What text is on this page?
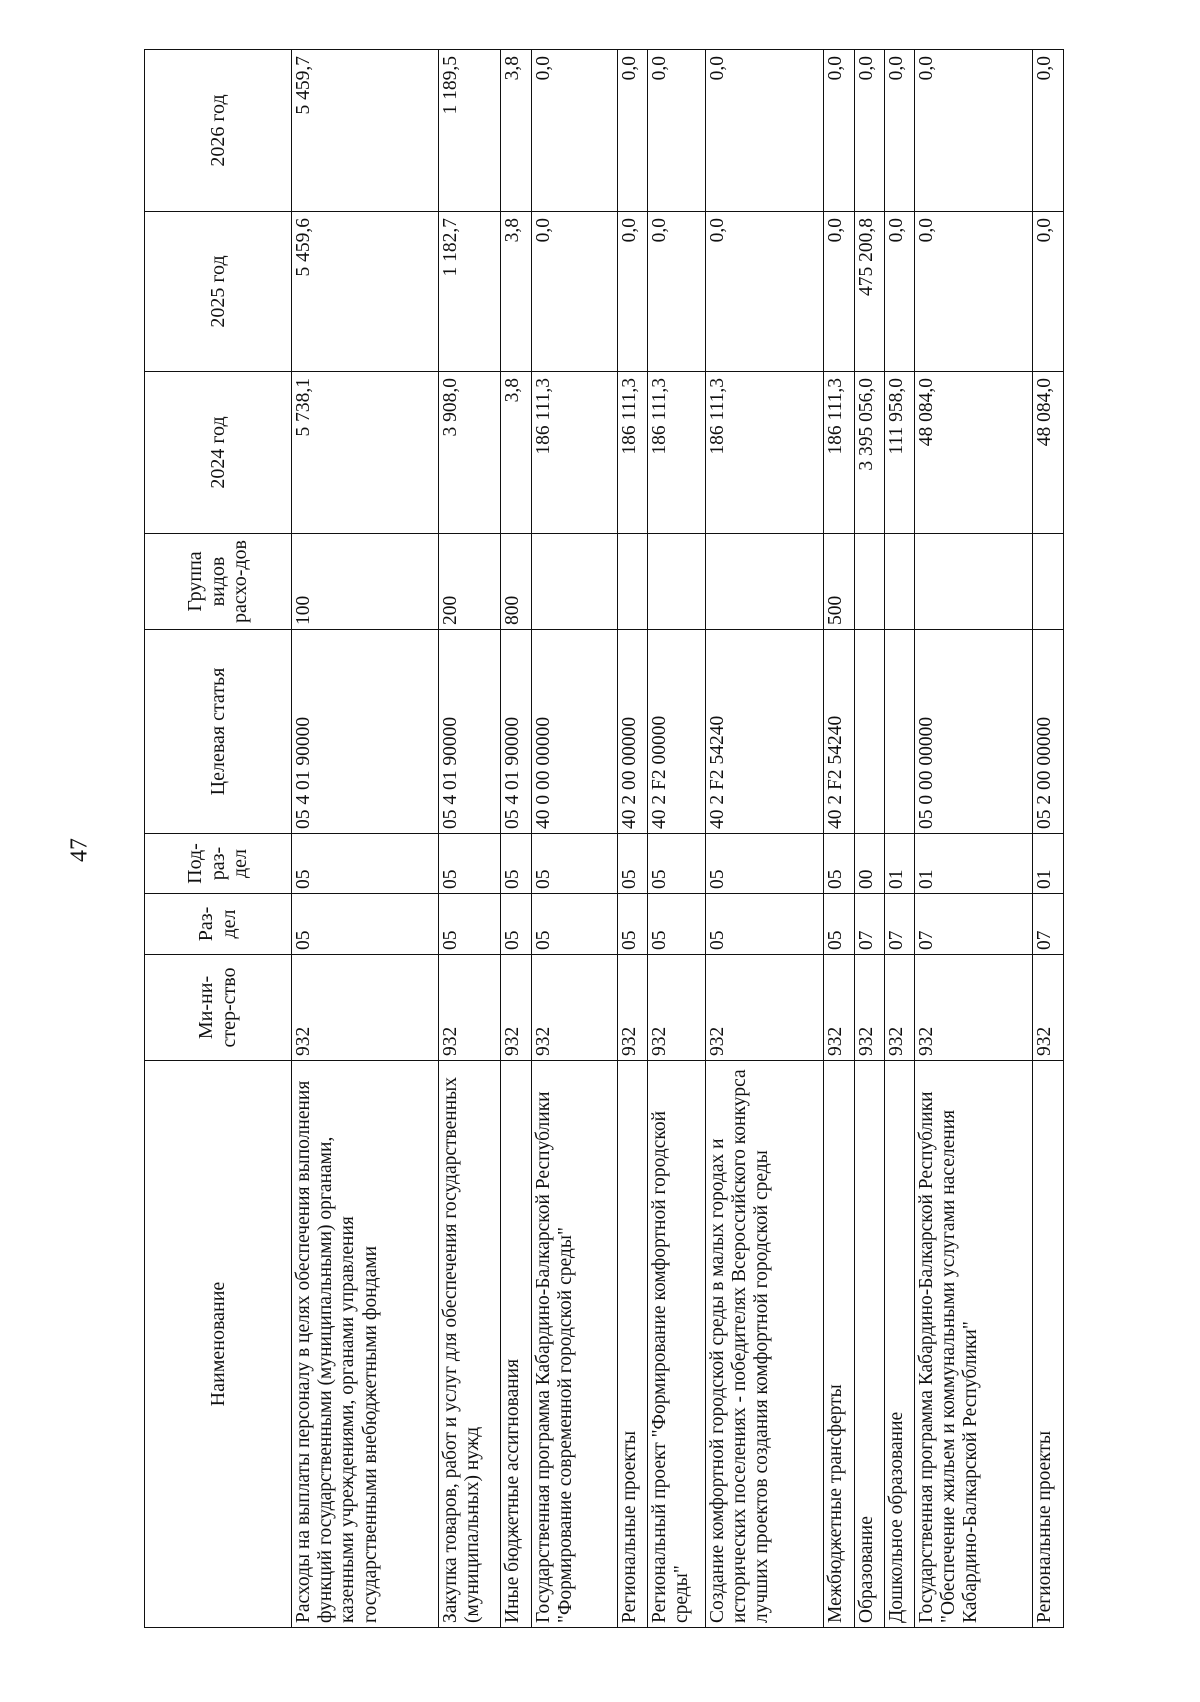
47
Наименование	Ми-ни-стер-ство	Раз-дел	Под-раз-дел	Целевая статья	Группа видов расхо-дов	2024 год	2025 год	2026 год
Расходы на выплаты персоналу в целях обеспечения выполнения функций государственными (муниципальными) органами, казенными учреждениями, органами управления государственными внебюджетными фондами	932	05	05	05 4 01 90000	100	5 738,1	5 459,6	5 459,7
Закупка товаров, работ и услуг для обеспечения государственных (муниципальных) нужд	932	05	05	05 4 01 90000	200	3 908,0	1 182,7	1 189,5
Иные бюджетные ассигнования	932	05	05	05 4 01 90000	800	3,8	3,8	3,8
Государственная программа Кабардино-Балкарской Республики "Формирование современной городской среды"	932	05	05	40 0 00 00000		186 111,3	0,0	0,0
Региональные проекты	932	05	05	40 2 00 00000		186 111,3	0,0	0,0
Региональный проект "Формирование комфортной городской среды"	932	05	05	40 2 F2 00000		186 111,3	0,0	0,0
Создание комфортной городской среды в малых городах и исторических поселениях - победителях Всероссийского конкурса лучших проектов создания комфортной городской среды	932	05	05	40 2 F2 54240		186 111,3	0,0	0,0
Межбюджетные трансферты	932	05	05	40 2 F2 54240	500	186 111,3	0,0	0,0
Образование	932	07	00			3 395 056,0	475 200,8	0,0
Дошкольное образование	932	07	01			111 958,0	0,0	0,0
Государственная программа Кабардино-Балкарской Республики "Обеспечение жильем и коммунальными услугами населения Кабардино-Балкарской Республики"	932	07	01	05 0 00 00000		48 084,0	0,0	0,0
Региональные проекты	932	07	01	05 2 00 00000		48 084,0	0,0	0,0
